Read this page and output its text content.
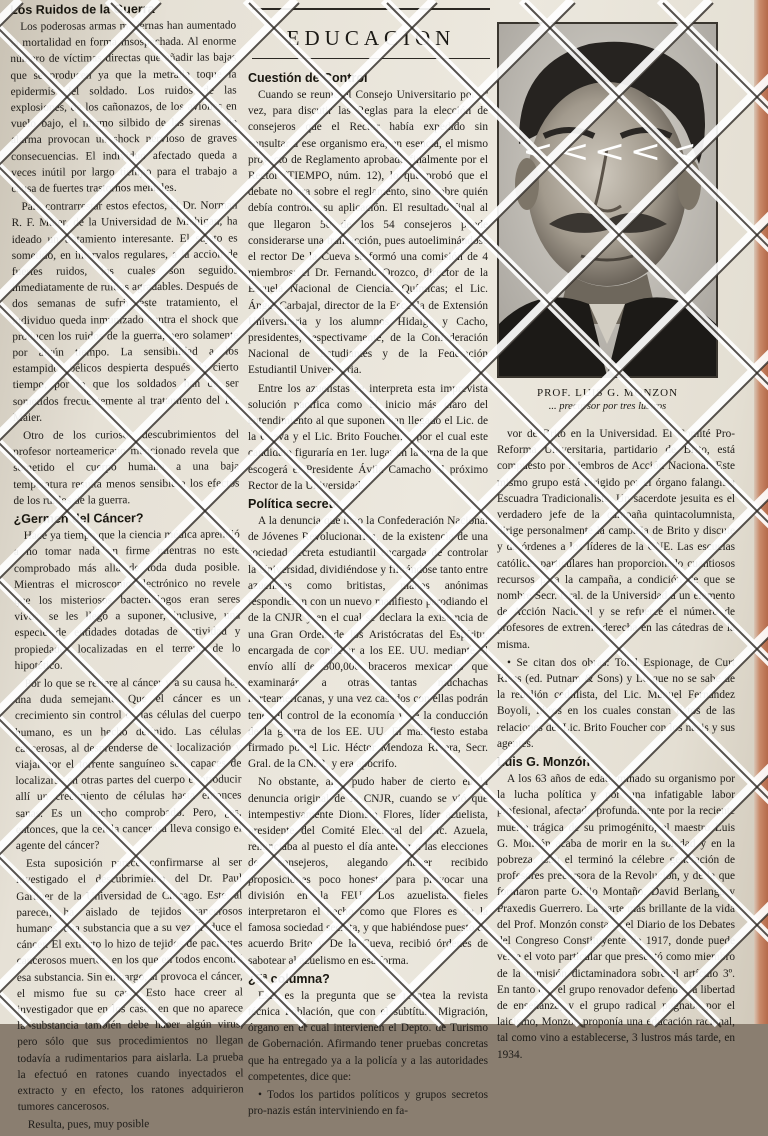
Los Ruidos de la Guerra

Los poderosas armas modernas han aumentado la mortalidad en forma insospechada. Al enorme número de víctimas directas que añadir las bajas que se producen ya que la metralla toque la epidermis del soldado. Los ruidos de las explosiones, de los cañonazos, de los aviones en vuelo bajo, el mismo silbido de las sirenas de alarma provocan un shock nervioso de graves consecuencias. El individuo afectado queda a veces inútil por largo tiempo para el trabajo a causa de fuertes trastornos mentales.

Para contrarrestar estos efectos, el Dr. Norman R. F. Maier, de la Universidad de Michigan, ha ideado un tratamiento interesante. El sujeto es sometido, en intervalos regulares, a la acción de fuertes ruidos, los cuales son seguidos inmediatamente de ruidos agradables. Después de dos semanas de sufrir este tratamiento, el individuo queda inmunizado contra el shock que producen los ruidos de la guerra, pero solamente por algún tiempo. La sensibilidad a los estampidos bélicos despierta después de cierto tiempo, por lo que los soldados han de ser sometidos frecuentemente al tratamiento del Dr. Maier.

Otro de los curiosos descubrimientos del profesor norteamericano mencionado revela que sometido el cuerpo humano a una baja temperatura resulta menos sensible a los efectos de los ruidos de la guerra.

¿Germen del Cáncer?

Hace ya tiempo que la ciencia médica aprendió a no tomar nada en firme mientras no esté comprobado más allá de toda duda posible. Mientras el microscopio electrónico no revele que los misteriosos bacteriólogos eran seres vivos, se les llegó a suponer, inclusive, una especie de entidades dotadas de actividad y propiedades localizadas en el terreno de lo hipotético.

Por lo que se refiere al cáncer y a su causa hay una duda semejante. Que el cáncer es un crecimiento sin control de las células del cuerpo humano, es un hecho definido. Las células cancerosas, al desprenderse de su localización y viajar por el torrente sanguíneo son capaces de localizarse en otras partes del cuerpo e introducir allí un crecimiento de células hasta entonces sanas. Es un hecho comprobado. Pero, ¿es, entonces, que la célula cancerosa lleva consigo el agente del cáncer?

Esta suposición parece confirmarse al ser investigado el descubrimiento del Dr. Paul Gardner de la Universidad de Chicago. Este, al parecer, ha aislado de tejidos cancerosos humanos, una substancia que a su vez produce el cáncer. El extracto lo hizo de tejidos de pacientes cancerosos muertos, en los que en todos encontró esa substancia. Sin embargo, si provoca el cáncer, el mismo fue su caso. Esto hace creer al investigador que en los casos en que no aparece la substancia también debe haber algún virus, pero sólo que sus procedimientos no llegan todavía a rudimentarios para aislarla. La prueba la efectuó en ratones cuando inyectados el extracto y en efecto, los ratones adquirieron tumores cancerosos.

Resulta, pues, muy posible

EDUCACION
Cuestión de Control

Cuando se reunió el Consejo Universitario por 2ª vez, para discutir las Reglas para la elección de consejeros que el Rector había expedido sin consultar a ese organismo era, en esencia, el mismo proyecto de Reglamento aprobado finalmente por el Rector (TIEMPO, núm. 12), lo que probó que el debate no era sobre el reglamento, sino sobre quién debía controlar su aplicación. El resultado final al que llegaron 50 de los 54 consejeros puede considerarse una transacción, pues autoeliminándose el rector De la Cueva se formó una comisión de 4 miembros: el Dr. Fernando Orozco, director de la Escuela Nacional de Ciencias Químicas; el Lic. Ángel Carbajal, director de la Escuela de Extensión Universitaria y los alumnos Hidalgo y Cacho, presidentes, respectivamente, de la Confederación Nacional de Estudiantes y de la Federación Estudiantil Universitaria.

Entre los azuelistas se interpreta esta imprevista solución pacífica como el inicio más claro del entendimiento al que suponen han llegado el Lic. de la Cueva y el Lic. Brito Foucher, y por el cual este candidato figuraría en 1er. lugar en la terna de la que escogerá el Presidente Ávila Camacho al próximo Rector de la Universidad.

Política secreta.

A la denuncia que hizo la Confederación Nacional de Jóvenes Revolucionarios, de la existencia de una sociedad secreta estudiantil encargada de controlar la Universidad, dividiéndose y filtrándose tanto entre azuelistas como britistas, manos anónimas respondieron con un nuevo manifiesto parodiando el de la CNJR y en el cual se declara la existencia de una Gran Orden de los Aristócratas del Espíritu, encargada de controlar a los EE. UU. mediante el envío allí de 500,000 braceros mexicanos que examinarán a otras tantas muchachas norteamericanas, y una vez casados con ellas podrán tener el control de la economía y de la conducción de la guerra de los EE. UU. El manifiesto estaba firmado por el Lic. Héctor Mendoza Rivera, Secr. Gral. de la CNJR, y era apócrifo.

No obstante, algo pudo haber de cierto en la denuncia original de la CNJR, cuando se vió que intempestivamente Dionisio Flores, líder azuelista, presidente del Comité Electoral del Lic. Azuela, renunciaba al puesto el día anterior a las elecciones de consejeros, alegando haber recibido proposiciones poco honestas para provocar una división en la FEU. Los azuelistas fieles interpretaron el hecho como que Flores es de la famosa sociedad secreta, y que habiéndose puesto de acuerdo Brito y De la Cueva, recibió órdenes de sabotear al azuelismo en esa forma.

¿5ª columna?

Esta es la pregunta que se plantea la revista técnica Población, que con el subtítulo Migración, órgano en el cual intervienen el Depto. de Turismo de Gobernación. Afirmando tener pruebas concretas que ha entregado ya a la policía y a las autoridades competentes, dice que:

• Todos los partidos políticos y grupos secretos pro-nazis están interviniendo en fa-

<<<<<
PROF. LUIS G. MONZON
... precursor por tres lustros

vor de Brito en la Universidad. El Comité Pro-Reforma Universitaria, partidario de Brito, está compuesto por miembros de Acción Nacional. Este mismo grupo está dirigido por el órgano falangista Escuadra Tradicionalista. Un sacerdote jesuita es el verdadero jefe de la campaña quintacolumnista, dirige personalmente la campaña de Brito y discute y da órdenes a los líderes de la CNE. Las escuelas católicas particulares han proporcionado cuantiosos recursos para la campaña, a condición de que se nombre Secr. Gral. de la Universidad a un elemento de Acción Nacional y se refuerce el número de profesores de extrema derecha en las cátedras de la misma.

• Se citan dos obras: Total Espionage, de Curt Riess (ed. Putnam & Sons) y Lo que no se sabe de la rebelión cedillista, del Lic. Manuel Fernández Boyoli, libros en los cuales constan datos de las relaciones del Lic. Brito Foucher con los nazis y sus agentes.

Luis G. Monzón

A los 63 años de edad, minado su organismo por la lucha política y por una infatigable labor profesional, afectado profundamente por la reciente muerte trágica de su primogénito, el maestro Luis G. Monzón acaba de morir en la soledad y en la pobreza. Con el terminó la célebre generación de profesores precursora de la Revolución, y de la que formaron parte Otilio Montaño, David Berlanga y Praxedis Guerrero. La parte más brillante de la vida del Prof. Monzón consta en el Diario de los Debates del Congreso Constituyente de 1917, donde puede verse el voto particular que presentó como miembro de la comisión dictaminadora sobre el artículo 3º. En tanto que el grupo renovador defendía la libertad de enseñanza, y el grupo radical pugnaba por el laicismo, Monzón proponía una educación racional, tal como vino a establecerse, 3 lustros más tarde, en 1934.
